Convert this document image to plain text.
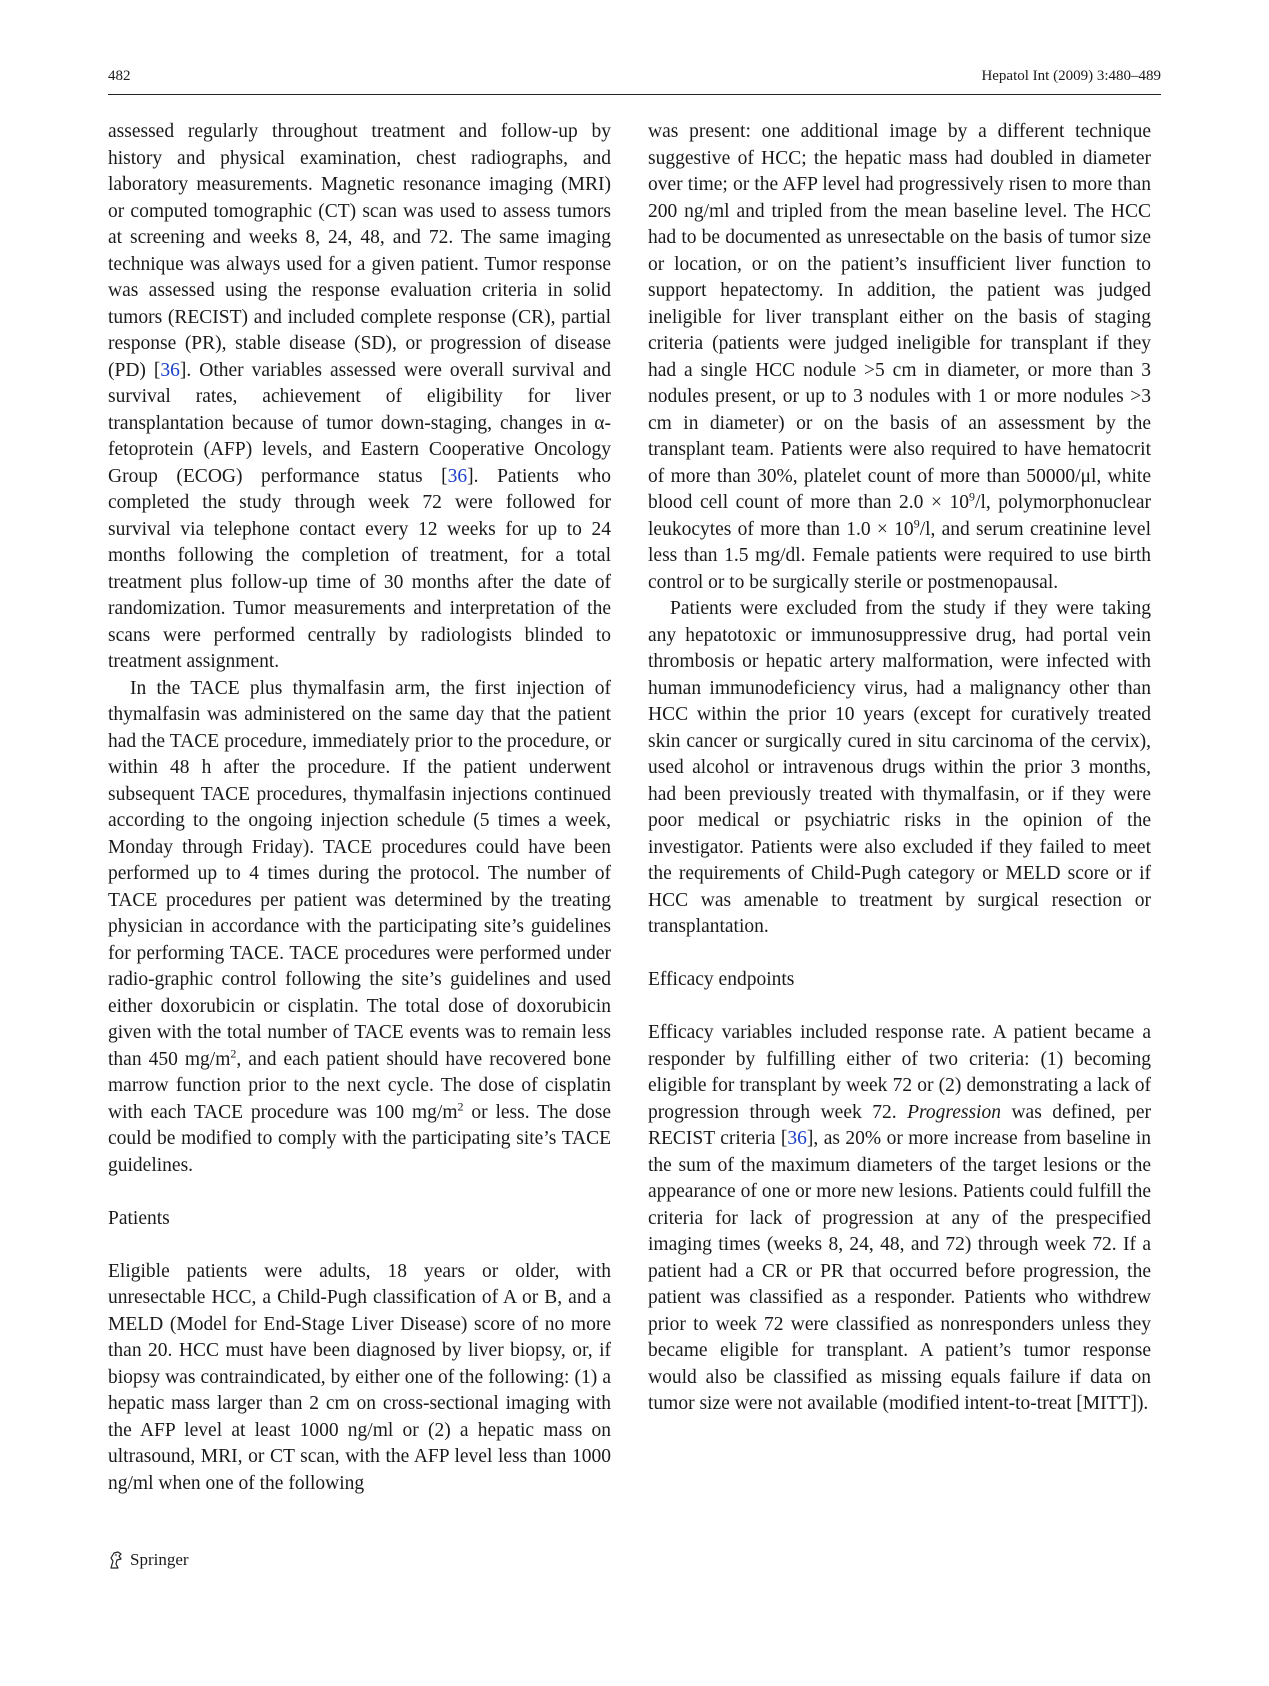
482	Hepatol Int (2009) 3:480–489

assessed regularly throughout treatment and follow-up by history and physical examination, chest radiographs, and laboratory measurements. Magnetic resonance imaging (MRI) or computed tomographic (CT) scan was used to assess tumors at screening and weeks 8, 24, 48, and 72. The same imaging technique was always used for a given patient. Tumor response was assessed using the response evaluation criteria in solid tumors (RECIST) and included complete response (CR), partial response (PR), stable disease (SD), or progression of disease (PD) [36]. Other variables assessed were overall survival and survival rates, achievement of eligibility for liver transplantation because of tumor down-staging, changes in α-fetoprotein (AFP) levels, and Eastern Cooperative Oncology Group (ECOG) performance status [36]. Patients who completed the study through week 72 were followed for survival via telephone contact every 12 weeks for up to 24 months following the completion of treatment, for a total treatment plus follow-up time of 30 months after the date of randomization. Tumor measurements and interpretation of the scans were performed centrally by radiologists blinded to treatment assignment.

In the TACE plus thymalfasin arm, the first injection of thymalfasin was administered on the same day that the patient had the TACE procedure, immediately prior to the procedure, or within 48 h after the procedure. If the patient underwent subsequent TACE procedures, thymalfasin injections continued according to the ongoing injection schedule (5 times a week, Monday through Friday). TACE procedures could have been performed up to 4 times during the protocol. The number of TACE procedures per patient was determined by the treating physician in accordance with the participating site’s guidelines for performing TACE. TACE procedures were performed under radio-graphic control following the site’s guidelines and used either doxorubicin or cisplatin. The total dose of doxorubicin given with the total number of TACE events was to remain less than 450 $mg/m^2$, and each patient should have recovered bone marrow function prior to the next cycle. The dose of cisplatin with each TACE procedure was 100 $mg/m^2$ or less. The dose could be modified to comply with the participating site’s TACE guidelines.

Patients

Eligible patients were adults, 18 years or older, with unresectable HCC, a Child-Pugh classification of A or B, and a MELD (Model for End-Stage Liver Disease) score of no more than 20. HCC must have been diagnosed by liver biopsy, or, if biopsy was contraindicated, by either one of the following: (1) a hepatic mass larger than 2 cm on cross-sectional imaging with the AFP level at least 1000 ng/ml or (2) a hepatic mass on ultrasound, MRI, or CT scan, with the AFP level less than 1000 ng/ml when one of the following

was present: one additional image by a different technique suggestive of HCC; the hepatic mass had doubled in diameter over time; or the AFP level had progressively risen to more than 200 ng/ml and tripled from the mean baseline level. The HCC had to be documented as unresectable on the basis of tumor size or location, or on the patient’s insufficient liver function to support hepatectomy. In addition, the patient was judged ineligible for liver transplant either on the basis of staging criteria (patients were judged ineligible for transplant if they had a single HCC nodule >5 cm in diameter, or more than 3 nodules present, or up to 3 nodules with 1 or more nodules >3 cm in diameter) or on the basis of an assessment by the transplant team. Patients were also required to have hematocrit of more than 30%, platelet count of more than 50000/μl, white blood cell count of more than $2.0 \times 10^9/l$, polymorphonuclear leukocytes of more than $1.0 \times 10^9/l$, and serum creatinine level less than 1.5 mg/dl. Female patients were required to use birth control or to be surgically sterile or postmenopausal.

Patients were excluded from the study if they were taking any hepatotoxic or immunosuppressive drug, had portal vein thrombosis or hepatic artery malformation, were infected with human immunodeficiency virus, had a malignancy other than HCC within the prior 10 years (except for curatively treated skin cancer or surgically cured in situ carcinoma of the cervix), used alcohol or intravenous drugs within the prior 3 months, had been previously treated with thymalfasin, or if they were poor medical or psychiatric risks in the opinion of the investigator. Patients were also excluded if they failed to meet the requirements of Child-Pugh category or MELD score or if HCC was amenable to treatment by surgical resection or transplantation.

Efficacy endpoints

Efficacy variables included response rate. A patient became a responder by fulfilling either of two criteria: (1) becoming eligible for transplant by week 72 or (2) demonstrating a lack of progression through week 72. Progression was defined, per RECIST criteria [36], as 20% or more increase from baseline in the sum of the maximum diameters of the target lesions or the appearance of one or more new lesions. Patients could fulfill the criteria for lack of progression at any of the prespecified imaging times (weeks 8, 24, 48, and 72) through week 72. If a patient had a CR or PR that occurred before progression, the patient was classified as a responder. Patients who withdrew prior to week 72 were classified as nonresponders unless they became eligible for transplant. A patient’s tumor response would also be classified as missing equals failure if data on tumor size were not available (modified intent-to-treat [MITT]).

Springer
